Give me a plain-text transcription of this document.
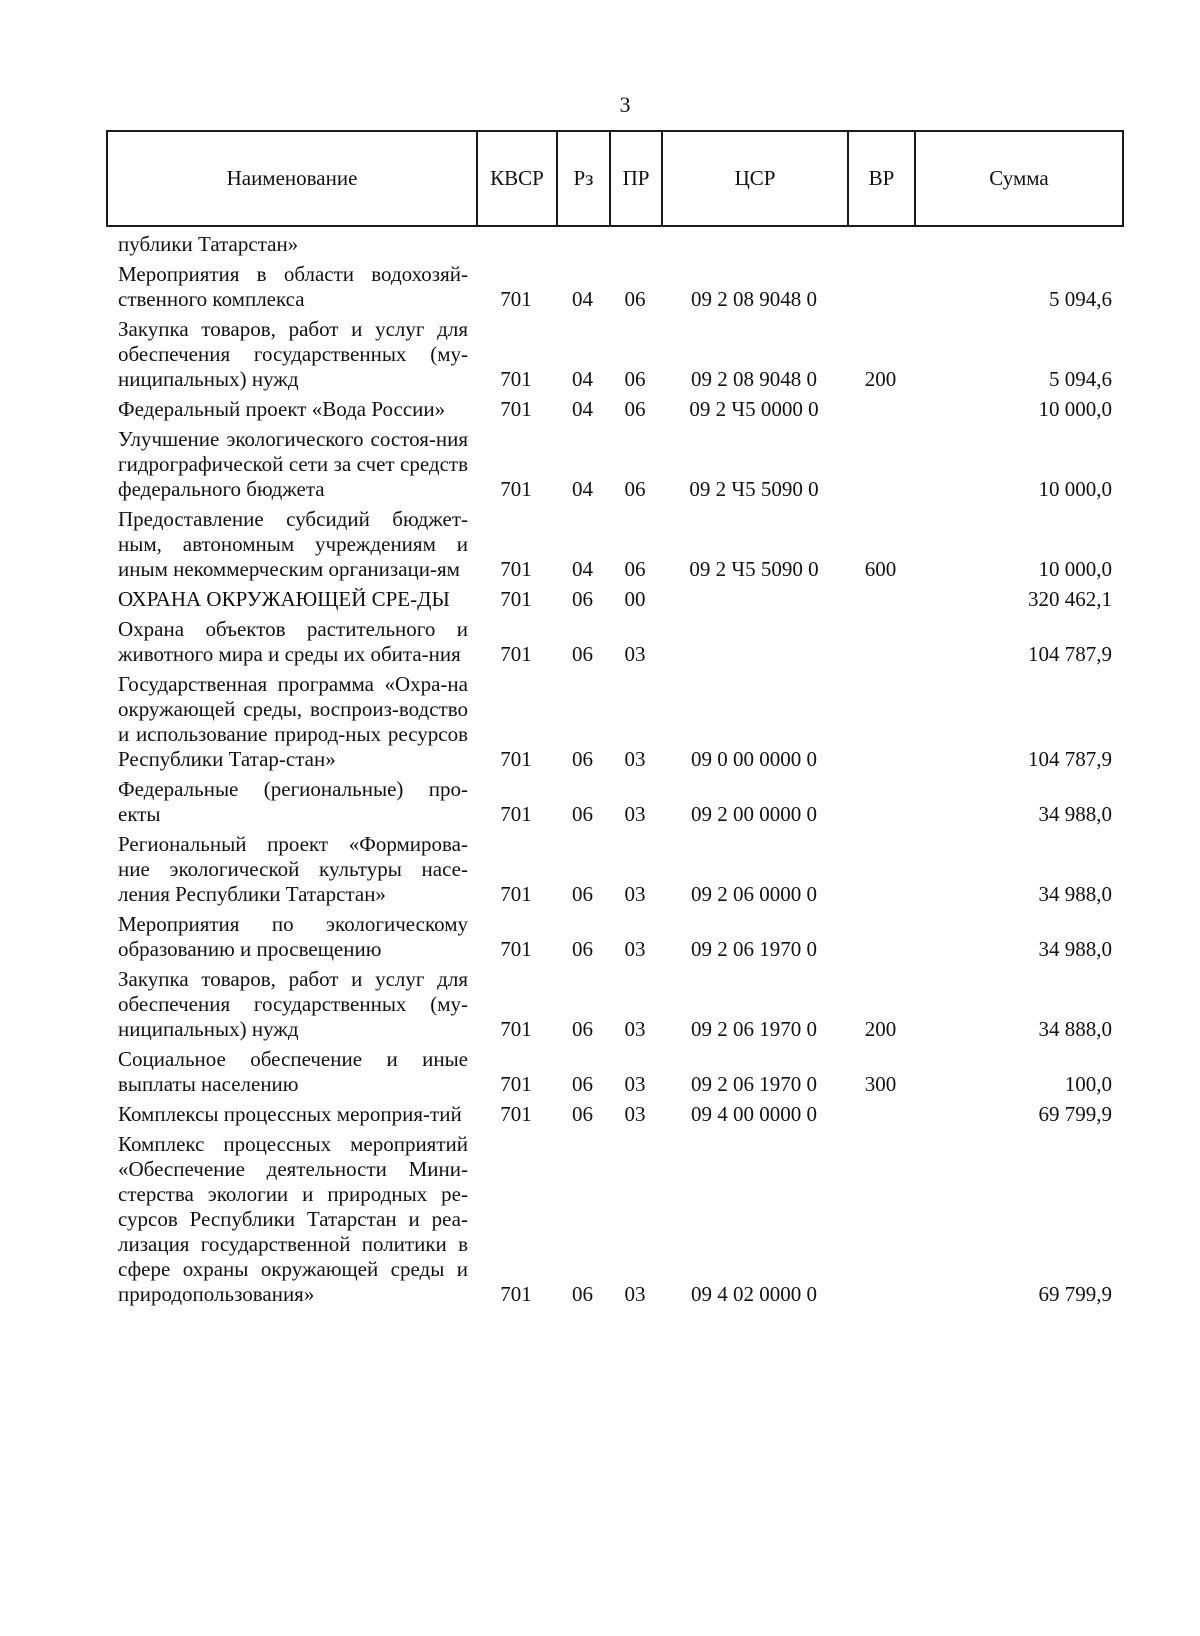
3
Наименование	КВСР	Рз	ПР	ЦСР	ВР	Сумма
публики Татарстан»						
Мероприятия в области водохозяй-ственного комплекса	701	04	06	09 2 08 9048 0		5 094,6
Закупка товаров, работ и услуг для обеспечения государственных (му-ниципальных) нужд	701	04	06	09 2 08 9048 0	200	5 094,6
Федеральный проект «Вода России»	701	04	06	09 2 Ч5 0000 0		10 000,0
Улучшение экологического состоя-ния гидрографической сети за счет средств федерального бюджета	701	04	06	09 2 Ч5 5090 0		10 000,0
Предоставление субсидий бюджет-ным, автономным учреждениям и иным некоммерческим организаци-ям	701	04	06	09 2 Ч5 5090 0	600	10 000,0
ОХРАНА ОКРУЖАЮЩЕЙ СРЕ-ДЫ	701	06	00			320 462,1
Охрана объектов растительного и животного мира и среды их обита-ния	701	06	03			104 787,9
Государственная программа «Охра-на окружающей среды, воспроиз-водство и использование природ-ных ресурсов Республики Татар-стан»	701	06	03	09 0 00 0000 0		104 787,9
Федеральные (региональные) про-екты	701	06	03	09 2 00 0000 0		34 988,0
Региональный проект «Формирова-ние экологической культуры насе-ления Республики Татарстан»	701	06	03	09 2 06 0000 0		34 988,0
Мероприятия по экологическому образованию и просвещению	701	06	03	09 2 06 1970 0		34 988,0
Закупка товаров, работ и услуг для обеспечения государственных (му-ниципальных) нужд	701	06	03	09 2 06 1970 0	200	34 888,0
Социальное обеспечение и иные выплаты населению	701	06	03	09 2 06 1970 0	300	100,0
Комплексы процессных мероприя-тий	701	06	03	09 4 00 0000 0		69 799,9
Комплекс процессных мероприятий «Обеспечение деятельности Мини-стерства экологии и природных ре-сурсов Республики Татарстан и реа-лизация государственной политики в сфере охраны окружающей среды и природопользования»	701	06	03	09 4 02 0000 0		69 799,9
